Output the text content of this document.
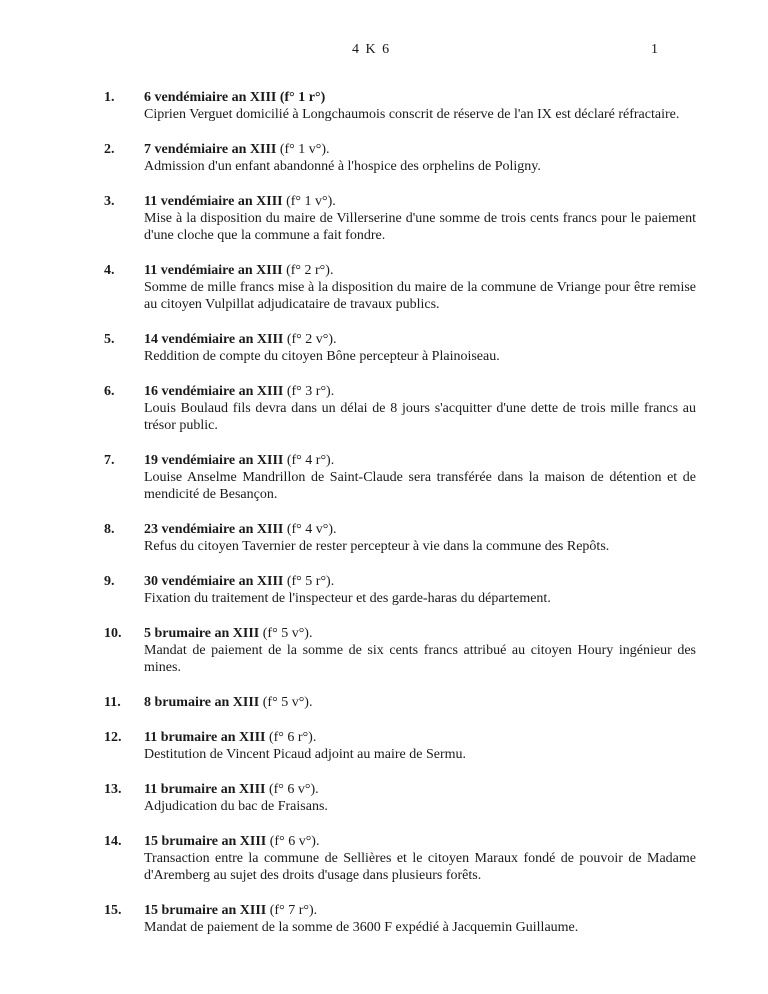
4 K 6	1
1. 6 vendémiaire an XIII (f° 1 r°)
Ciprien Verguet domicilié à Longchaumois conscrit de réserve de l'an IX est déclaré réfractaire.
2. 7 vendémiaire an XIII (f° 1 v°).
Admission d'un enfant abandonné à l'hospice des orphelins de Poligny.
3. 11 vendémiaire an XIII (f° 1 v°).
Mise à la disposition du maire de Villerserine d'une somme de trois cents francs pour le paiement d'une cloche que la commune a fait fondre.
4. 11 vendémiaire an XIII (f° 2 r°).
Somme de mille francs mise à la disposition du maire de la commune de Vriange pour être remise au citoyen Vulpillat adjudicataire de travaux publics.
5. 14 vendémiaire an XIII (f° 2 v°).
Reddition de compte du citoyen Bône percepteur à Plainoiseau.
6. 16 vendémiaire an XIII (f° 3 r°).
Louis Boulaud fils devra dans un délai de 8 jours s'acquitter d'une dette de trois mille francs au trésor public.
7. 19 vendémiaire an XIII (f° 4 r°).
Louise Anselme Mandrillon de Saint-Claude sera transférée dans la maison de détention et de mendicité de Besançon.
8. 23 vendémiaire an XIII (f° 4 v°).
Refus du citoyen Tavernier de rester percepteur à vie dans la commune des Repôts.
9. 30 vendémiaire an XIII (f° 5 r°).
Fixation du traitement de l'inspecteur et des garde-haras du département.
10. 5 brumaire an XIII (f° 5 v°).
Mandat de paiement de la somme de six cents francs attribué au citoyen Houry ingénieur des mines.
11. 8 brumaire an XIII (f° 5 v°).
12. 11 brumaire an XIII (f° 6 r°).
Destitution de Vincent Picaud adjoint au maire de Sermu.
13. 11 brumaire an XIII (f° 6 v°).
Adjudication du bac de Fraisans.
14. 15 brumaire an XIII (f° 6 v°).
Transaction entre la commune de Sellières et le citoyen Maraux fondé de pouvoir de Madame d'Aremberg au sujet des droits d'usage dans plusieurs forêts.
15. 15 brumaire an XIII (f° 7 r°).
Mandat de paiement de la somme de 3600 F expédié à Jacquemin Guillaume.
